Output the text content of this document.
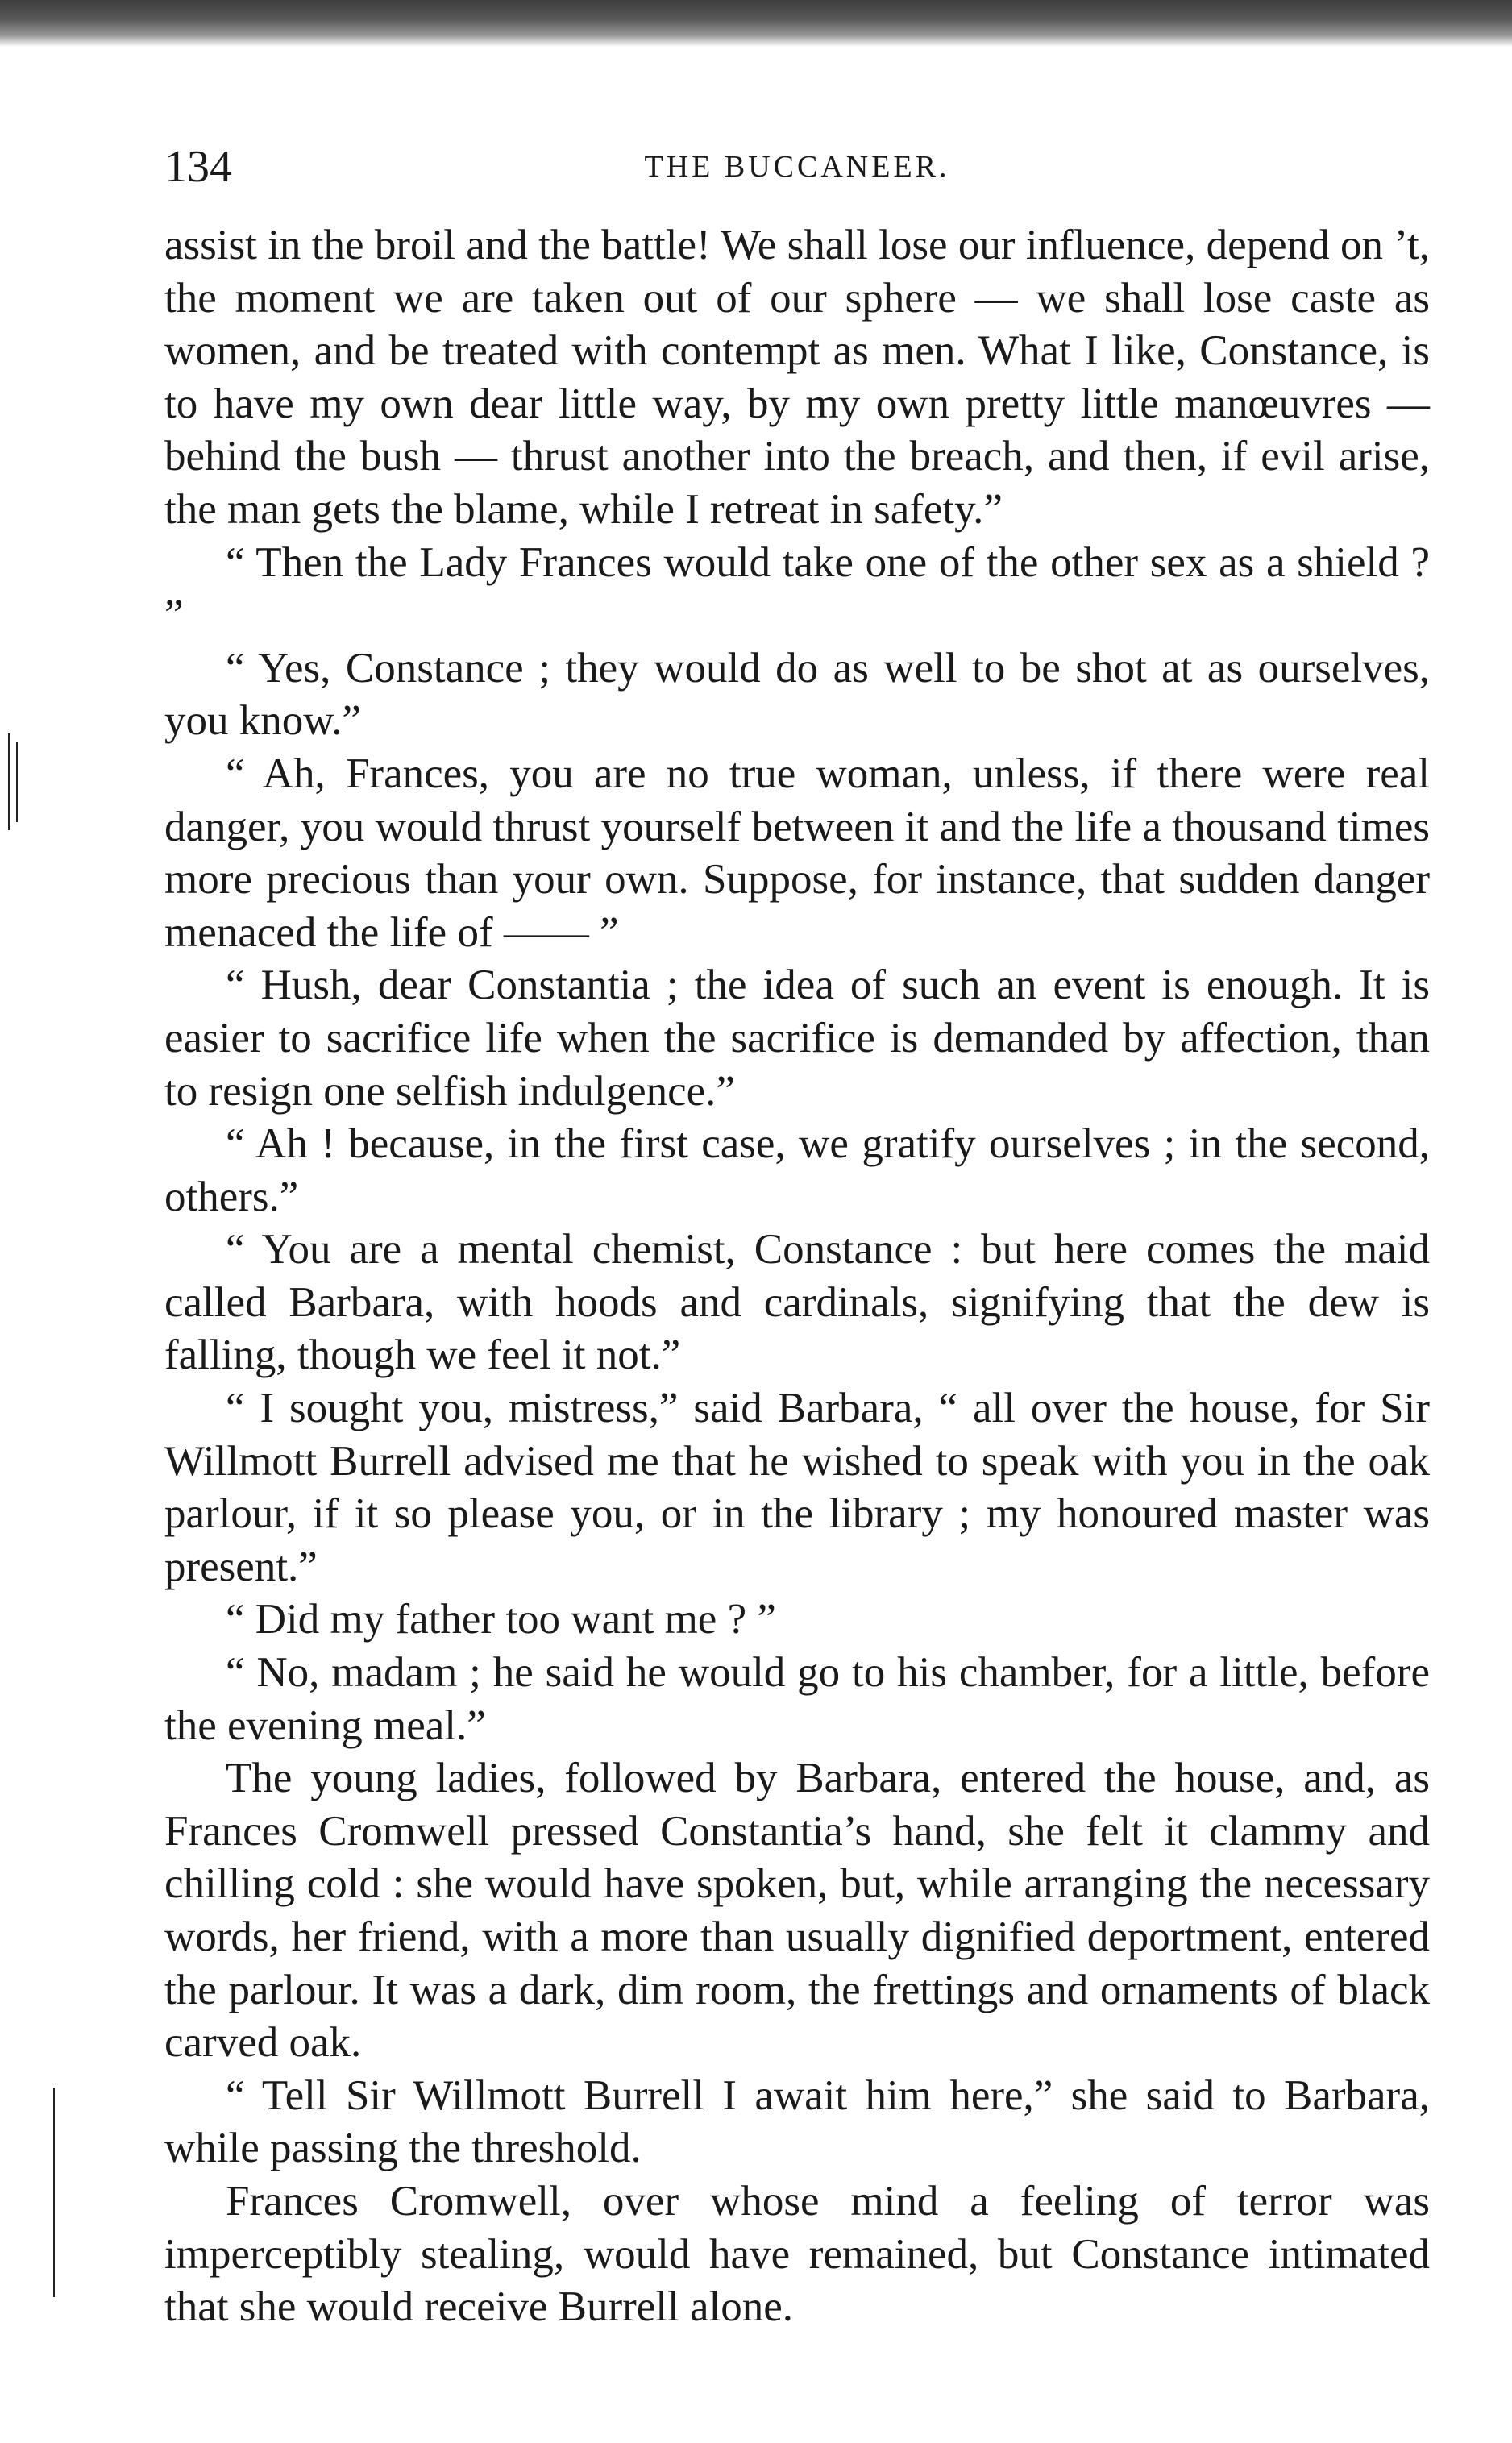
THE BUCCANEER.
134

assist in the broil and the battle! We shall lose our influence, depend on ’t, the moment we are taken out of our sphere — we shall lose caste as women, and be treated with contempt as men. What I like, Constance, is to have my own dear little way, by my own pretty little manœuvres — behind the bush — thrust another into the breach, and then, if evil arise, the man gets the blame, while I retreat in safety.”

“ Then the Lady Frances would take one of the other sex as a shield ? ”

“ Yes, Constance ; they would do as well to be shot at as ourselves, you know.”

“ Ah, Frances, you are no true woman, unless, if there were real danger, you would thrust yourself between it and the life a thousand times more precious than your own. Suppose, for instance, that sudden danger menaced the life of —— ”

“ Hush, dear Constantia ; the idea of such an event is enough. It is easier to sacrifice life when the sacrifice is demanded by affection, than to resign one selfish indulgence.”

“ Ah ! because, in the first case, we gratify ourselves ; in the second, others.”

“ You are a mental chemist, Constance : but here comes the maid called Barbara, with hoods and cardinals, signifying that the dew is falling, though we feel it not.”

“ I sought you, mistress,” said Barbara, “ all over the house, for Sir Willmott Burrell advised me that he wished to speak with you in the oak parlour, if it so please you, or in the library ; my honoured master was present.”

“ Did my father too want me ? ”

“ No, madam ; he said he would go to his chamber, for a little, before the evening meal.”

The young ladies, followed by Barbara, entered the house, and, as Frances Cromwell pressed Constantia’s hand, she felt it clammy and chilling cold : she would have spoken, but, while arranging the necessary words, her friend, with a more than usually dignified deportment, entered the parlour. It was a dark, dim room, the frettings and ornaments of black carved oak.

“ Tell Sir Willmott Burrell I await him here,” she said to Barbara, while passing the threshold.

Frances Cromwell, over whose mind a feeling of terror was imperceptibly stealing, would have remained, but Constance intimated that she would receive Burrell alone.
